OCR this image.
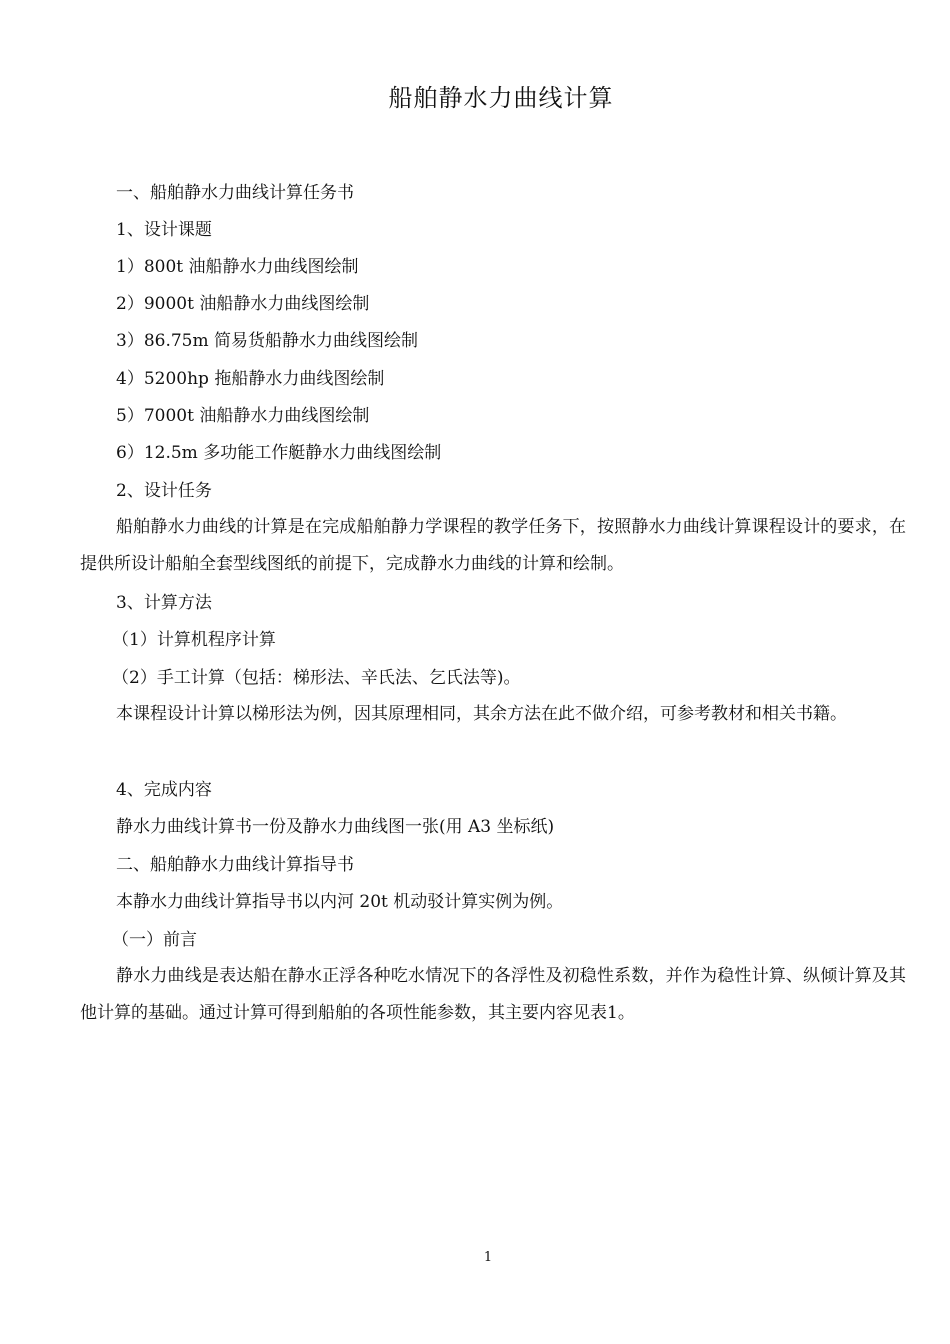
船舶静水力曲线计算
一、船舶静水力曲线计算任务书
1、设计课题
1）800t 油船静水力曲线图绘制
2）9000t 油船静水力曲线图绘制
3）86.75m 简易货船静水力曲线图绘制
4）5200hp 拖船静水力曲线图绘制
5）7000t 油船静水力曲线图绘制
6）12.5m 多功能工作艇静水力曲线图绘制
2、设计任务
船舶静水力曲线的计算是在完成船舶静力学课程的教学任务下，按照静水力曲线计算课程设计的要求，在提供所设计船舶全套型线图纸的前提下，完成静水力曲线的计算和绘制。
3、计算方法
（1）计算机程序计算
（2）手工计算（包括：梯形法、辛氏法、乞氏法等)。
本课程设计计算以梯形法为例，因其原理相同，其余方法在此不做介绍，可参考教材和相关书籍。
4、完成内容
静水力曲线计算书一份及静水力曲线图一张(用 A3 坐标纸)
二、船舶静水力曲线计算指导书
本静水力曲线计算指导书以内河 20t 机动驳计算实例为例。
（一）前言
静水力曲线是表达船在静水正浮各种吃水情况下的各浮性及初稳性系数，并作为稳性计算、纵倾计算及其他计算的基础。通过计算可得到船舶的各项性能参数，其主要内容见表1。
1
